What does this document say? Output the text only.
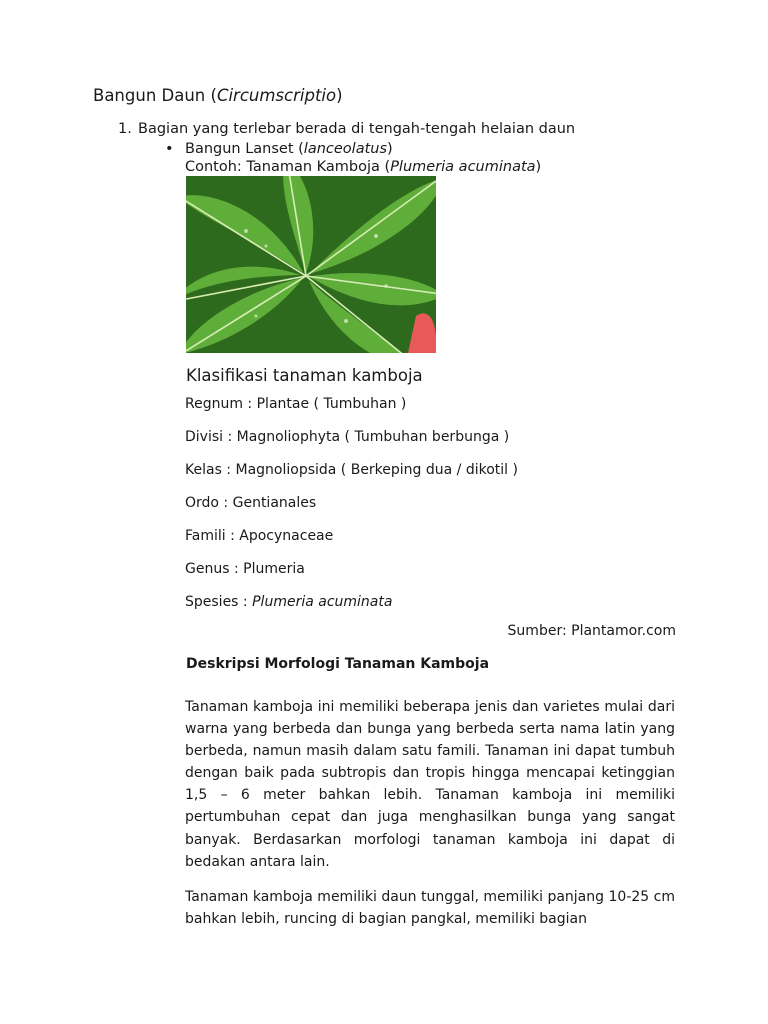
Bangun Daun (Circumscriptio)
1. Bagian yang terlebar berada di tengah-tengah helaian daun
• Bangun Lanset (lanceolatus)
Contoh: Tanaman Kamboja (Plumeria acuminata)
Klasifikasi tanaman kamboja
Regnum : Plantae ( Tumbuhan )
Divisi : Magnoliophyta ( Tumbuhan berbunga )
Kelas : Magnoliopsida ( Berkeping dua / dikotil )
Ordo : Gentianales
Famili : Apocynaceae
Genus : Plumeria
Spesies : Plumeria acuminata
Sumber: Plantamor.com
Deskripsi Morfologi Tanaman Kamboja

Tanaman kamboja ini memiliki beberapa jenis dan varietes mulai dari warna yang berbeda dan bunga yang berbeda serta nama latin yang berbeda, namun masih dalam satu famili. Tanaman ini dapat tumbuh dengan baik pada subtropis dan tropis hingga mencapai ketinggian 1,5 – 6 meter bahkan lebih. Tanaman kamboja ini memiliki pertumbuhan cepat dan juga menghasilkan bunga yang sangat banyak. Berdasarkan morfologi tanaman kamboja ini dapat di bedakan antara lain.

Tanaman kamboja memiliki daun tunggal, memiliki panjang 10-25 cm bahkan lebih, runcing di bagian pangkal, memiliki bagian
